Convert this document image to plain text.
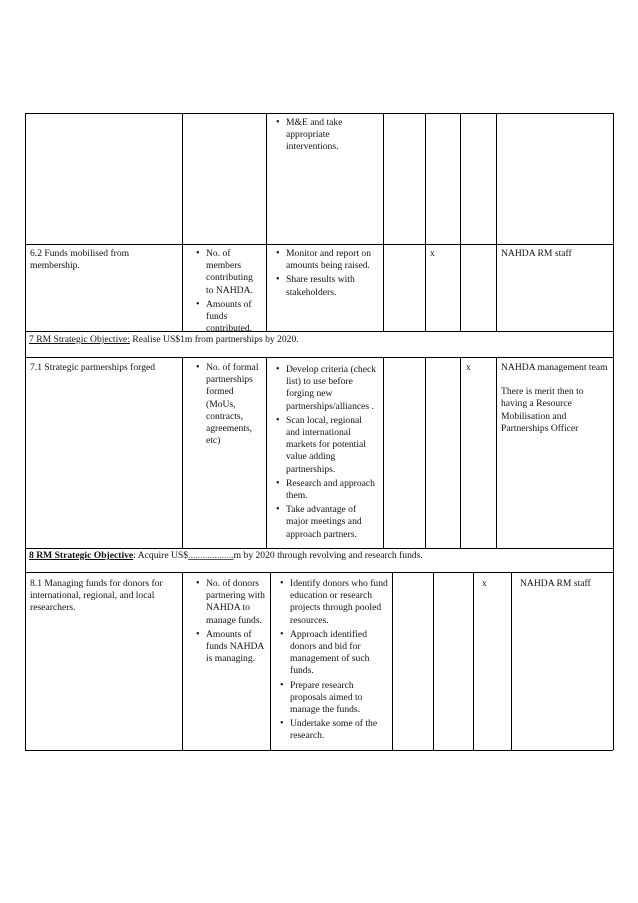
• M&E and take appropriate interventions.
6.2 Funds mobilised from membership.
• No. of members contributing to NAHDA.
• Amounts of funds contributed.
• Monitor and report on amounts being raised.
• Share results with stakeholders.
x	NAHDA RM staff
7 RM Strategic Objective: Realise US$1m from partnerships by 2020.
7.1 Strategic partnerships forged
•	No. of formal partnerships formed (MoUs, contracts, agreements, etc)
• Develop criteria (check list) to use before forging new partnerships/alliances .
• Scan local, regional and international markets for potential value adding partnerships.
• Research and approach them.
• Take advantage of major meetings and approach partners.
x	NAHDA management team
There is merit then to having a Resource Mobilisation and Partnerships Officer
8 RM Strategic Objective: Acquire US$...................m by 2020 through revolving and research funds.
8.1 Managing funds for donors for international, regional, and local researchers.
• No. of donors partnering with NAHDA to manage funds.
• Amounts of funds NAHDA is managing.
• Identify donors who fund education or research projects through pooled resources.
• Approach identified donors and bid for management of such funds.
• Prepare research proposals aimed to manage the funds.
• Undertake some of the research.
x	NAHDA RM staff
